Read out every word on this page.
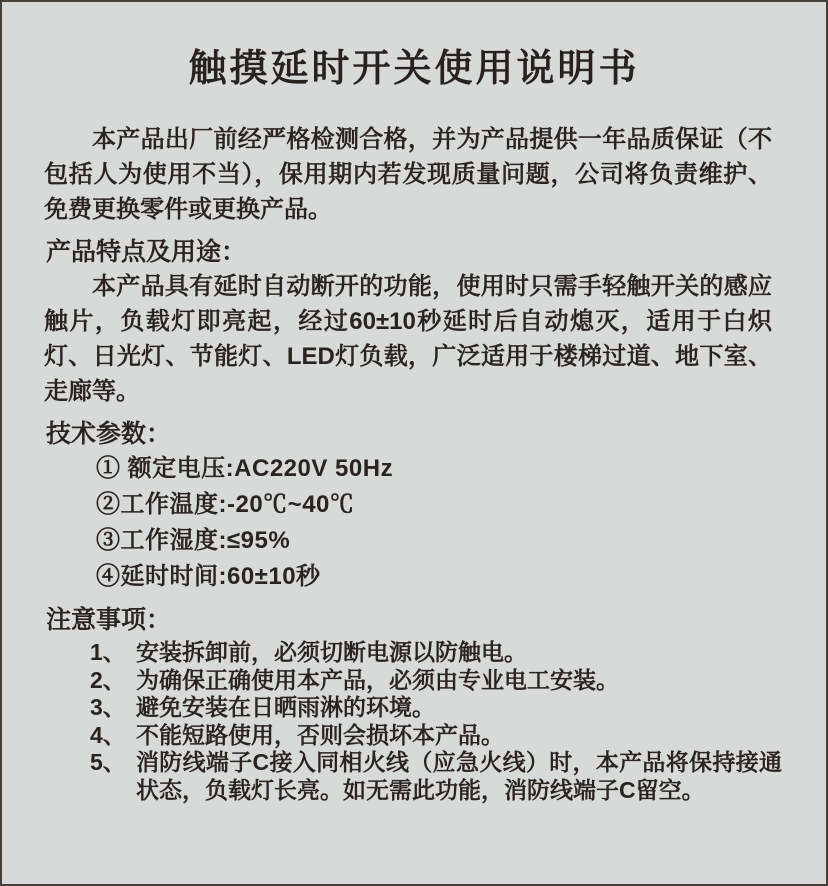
触摸延时开关使用说明书

本产品出厂前经严格检测合格，并为产品提供一年品质保证（不包括人为使用不当），保用期内若发现质量问题，公司将负责维护、免费更换零件或更换产品。

产品特点及用途：

本产品具有延时自动断开的功能，使用时只需手轻触开关的感应触片，负载灯即亮起，经过60±10秒延时后自动熄灭，适用于白炽灯、日光灯、节能灯、LED灯负载，广泛适用于楼梯过道、地下室、走廊等。

技术参数：
① 额定电压:AC220V 50Hz
②工作温度:-20℃~40℃
③工作湿度:≤95%
④延时时间:60±10秒
注意事项：
1、 安装拆卸前，必须切断电源以防触电。
2、 为确保正确使用本产品，必须由专业电工安装。
3、 避免安装在日晒雨淋的环境。
4、 不能短路使用，否则会损坏本产品。
5、 消防线端子C接入同相火线（应急火线）时，本产品将保持接通状态，负载灯长亮。如无需此功能，消防线端子C留空。
